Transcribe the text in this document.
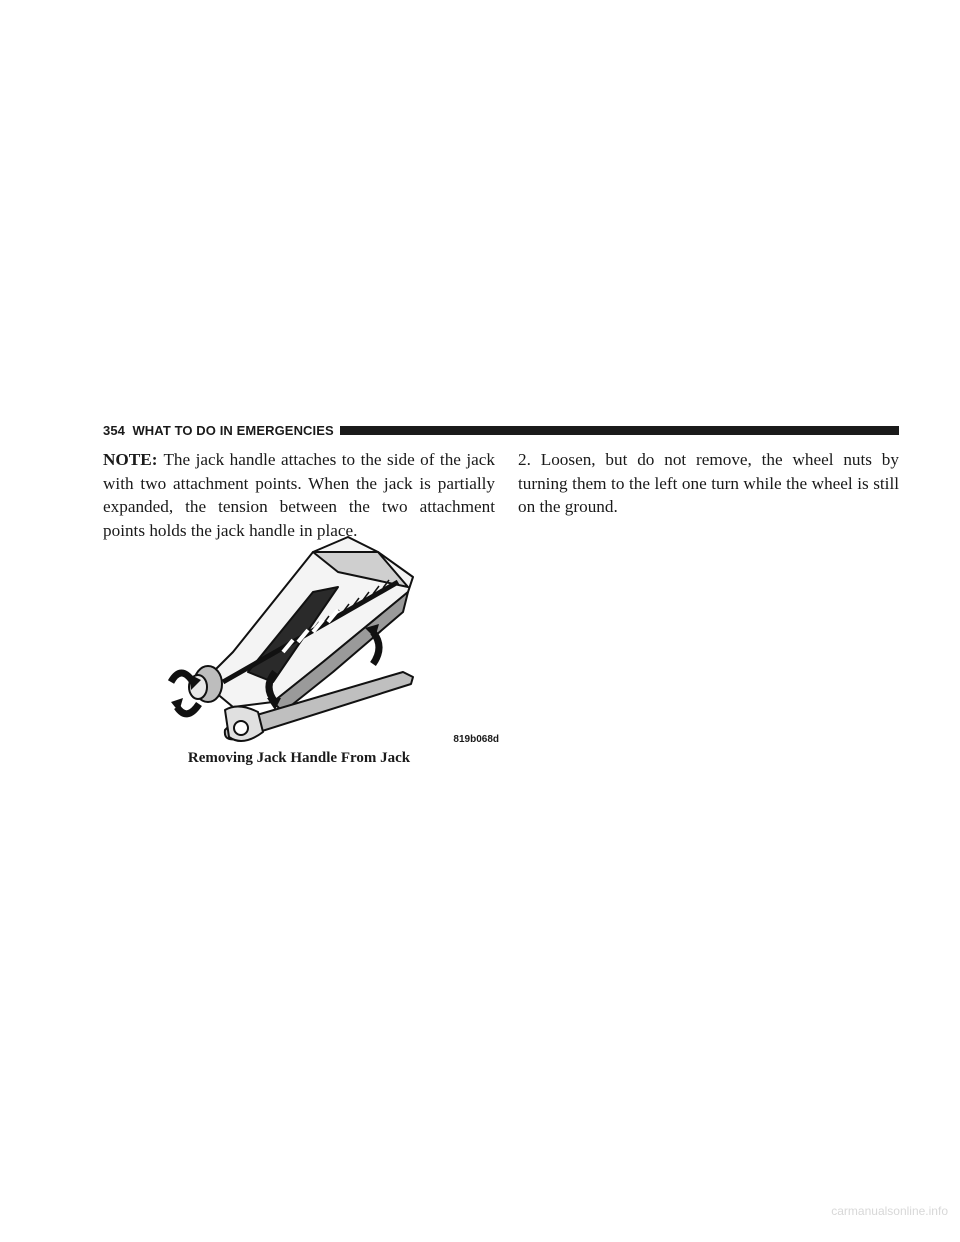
354 WHAT TO DO IN EMERGENCIES

NOTE: The jack handle attaches to the side of the jack with two attachment points. When the jack is partially expanded, the tension between the two attachment points holds the jack handle in place.

819b068d
Removing Jack Handle From Jack

2. Loosen, but do not remove, the wheel nuts by turning them to the left one turn while the wheel is still on the ground.

carmanualsonline.info
